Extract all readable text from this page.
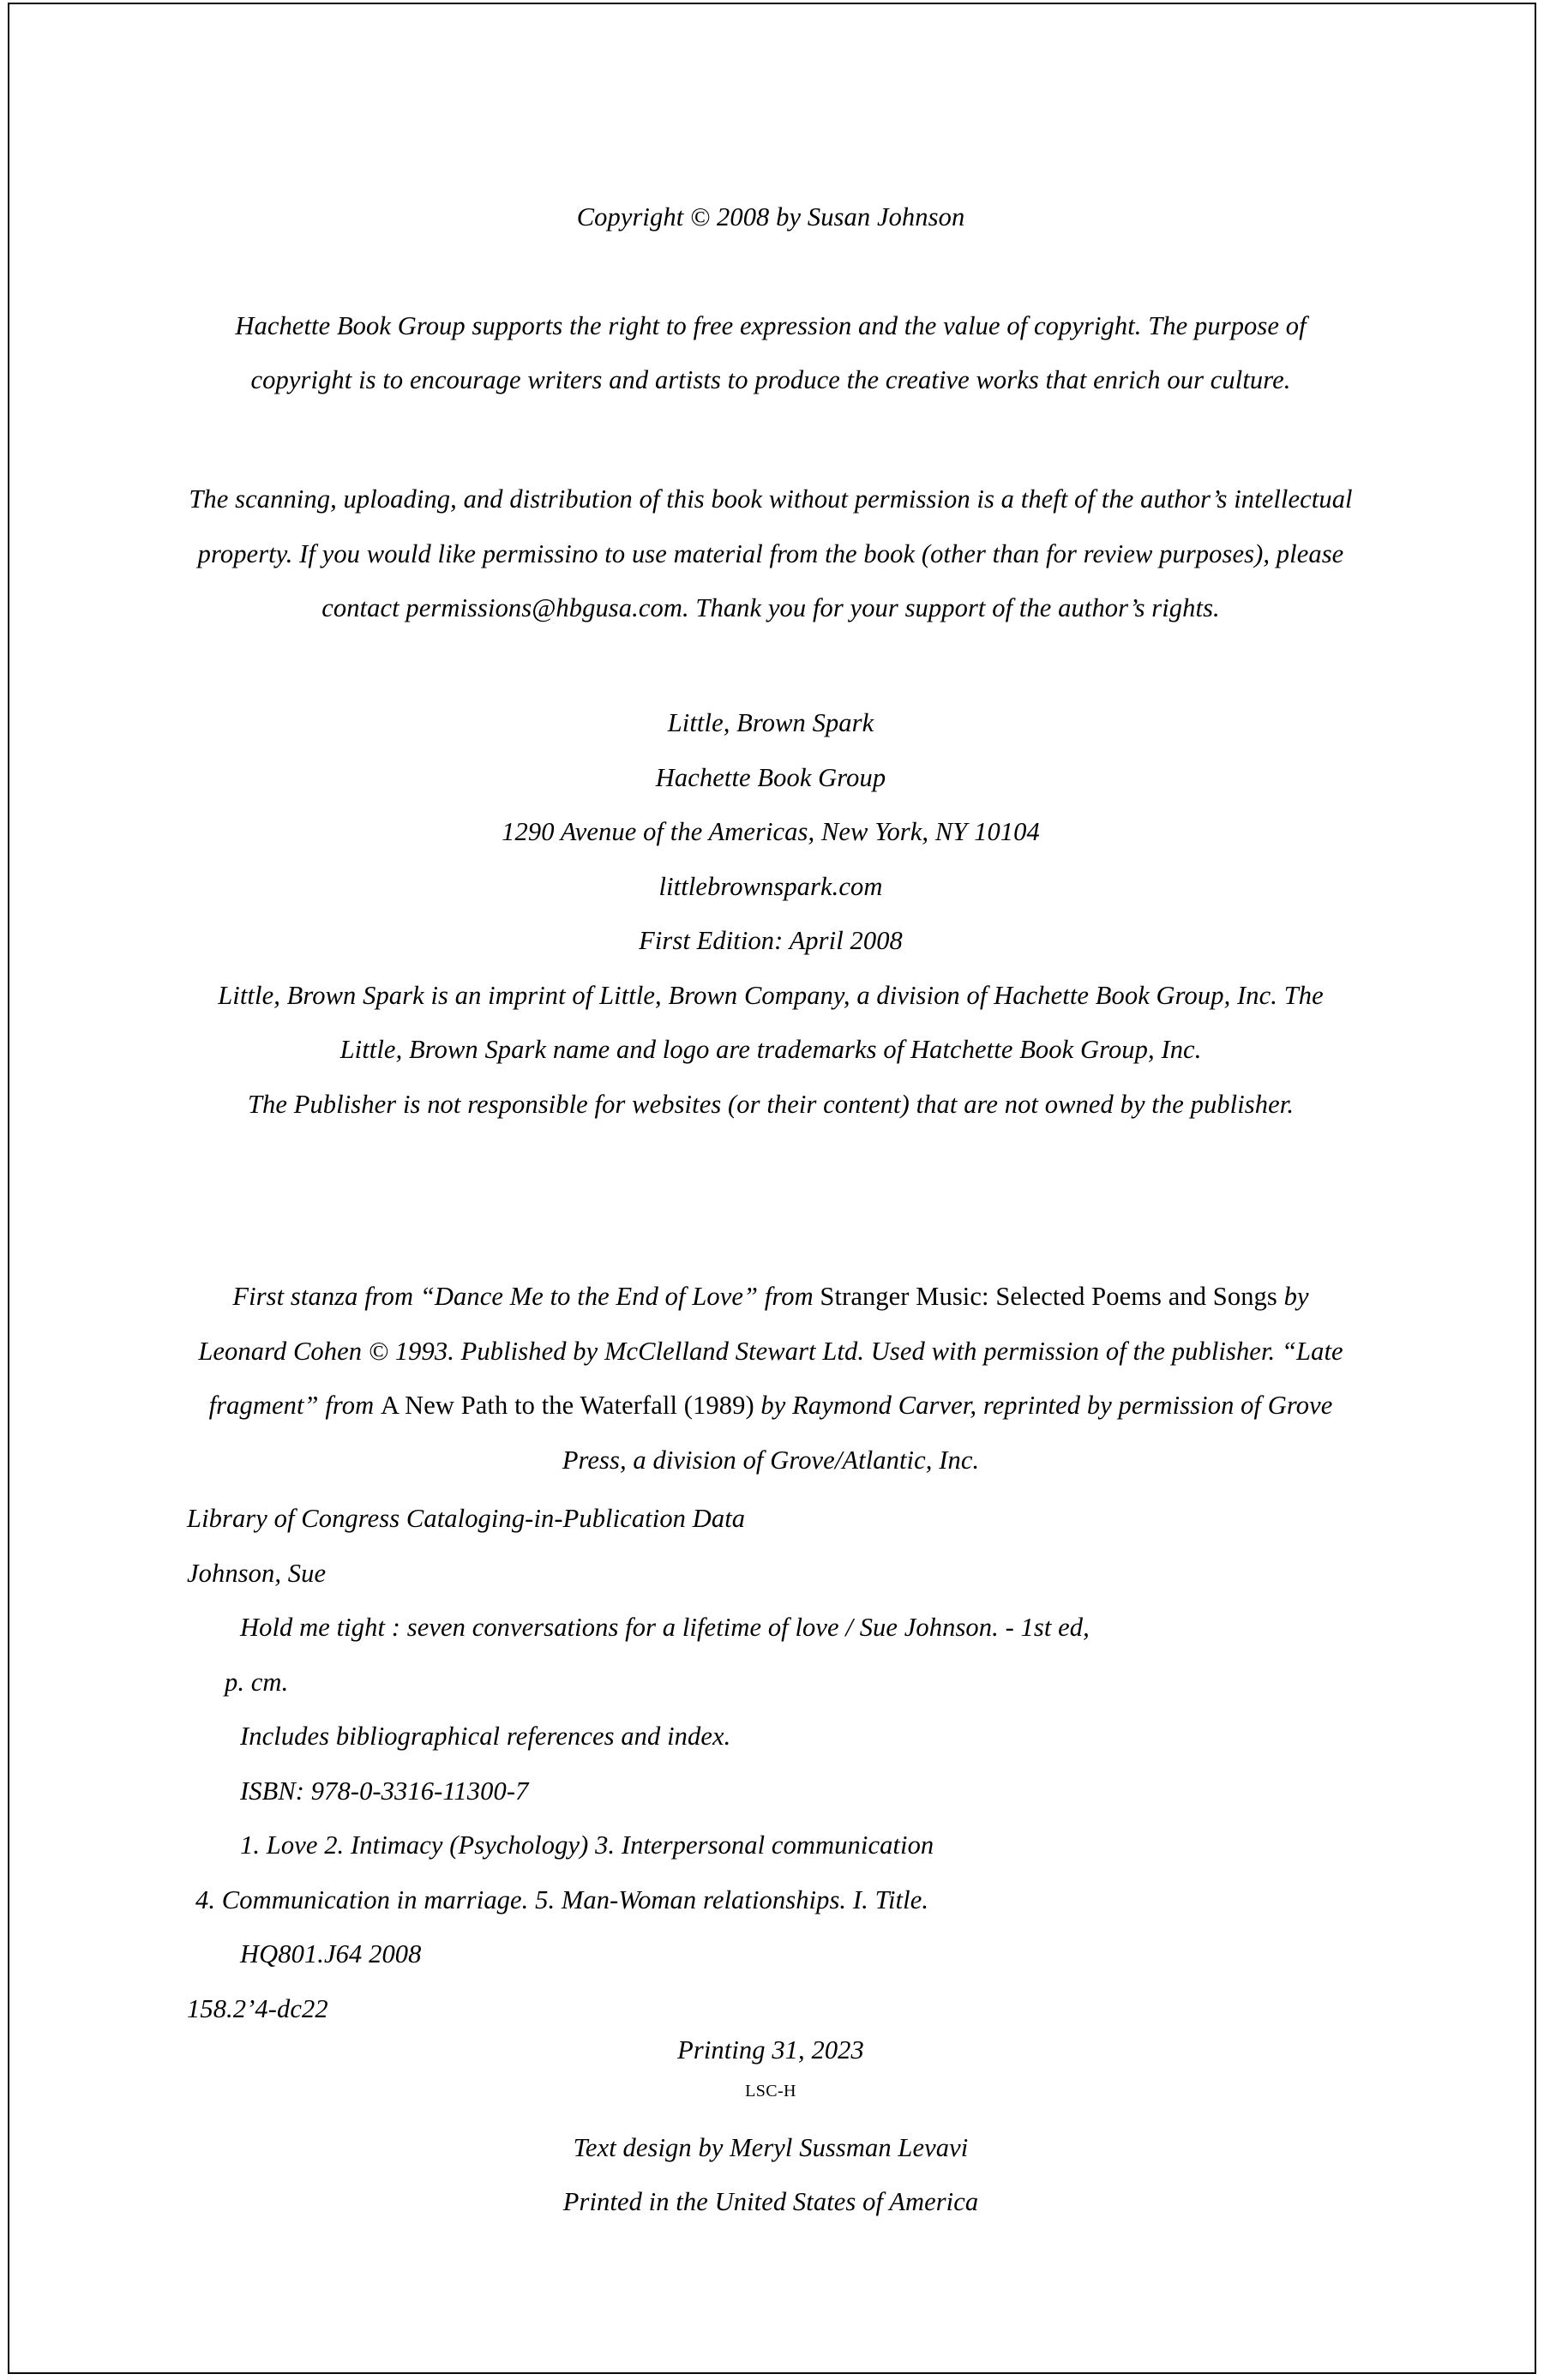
Copyright © 2008 by Susan Johnson
Hachette Book Group supports the right to free expression and the value of copyright. The purpose of copyright is to encourage writers and artists to produce the creative works that enrich our culture.
The scanning, uploading, and distribution of this book without permission is a theft of the author’s intellectual property. If you would like permissino to use material from the book (other than for review purposes), please contact permissions@hbgusa.com. Thank you for your support of the author’s rights.
Little, Brown Spark
Hachette Book Group
1290 Avenue of the Americas, New York, NY 10104
littlebrownspark.com
First Edition: April 2008
Little, Brown Spark is an imprint of Little, Brown Company, a division of Hachette Book Group, Inc. The Little, Brown Spark name and logo are trademarks of Hatchette Book Group, Inc.
The Publisher is not responsible for websites (or their content) that are not owned by the publisher.
First stanza from “Dance Me to the End of Love” from Stranger Music: Selected Poems and Songs by Leonard Cohen © 1993. Published by McClelland Stewart Ltd. Used with permission of the publisher. “Late fragment” from A New Path to the Waterfall (1989) by Raymond Carver, reprinted by permission of Grove Press, a division of Grove/Atlantic, Inc.
Library of Congress Cataloging-in-Publication Data
Johnson, Sue
Hold me tight : seven conversations for a lifetime of love / Sue Johnson. - 1st ed,
p. cm.
Includes bibliographical references and index.
ISBN: 978-0-3316-11300-7
1. Love 2. Intimacy (Psychology) 3. Interpersonal communication
4. Communication in marriage. 5. Man-Woman relationships. I. Title.
HQ801.J64 2008
158.2’4-dc22
Printing 31, 2023
LSC-H
Text design by Meryl Sussman Levavi
Printed in the United States of America
